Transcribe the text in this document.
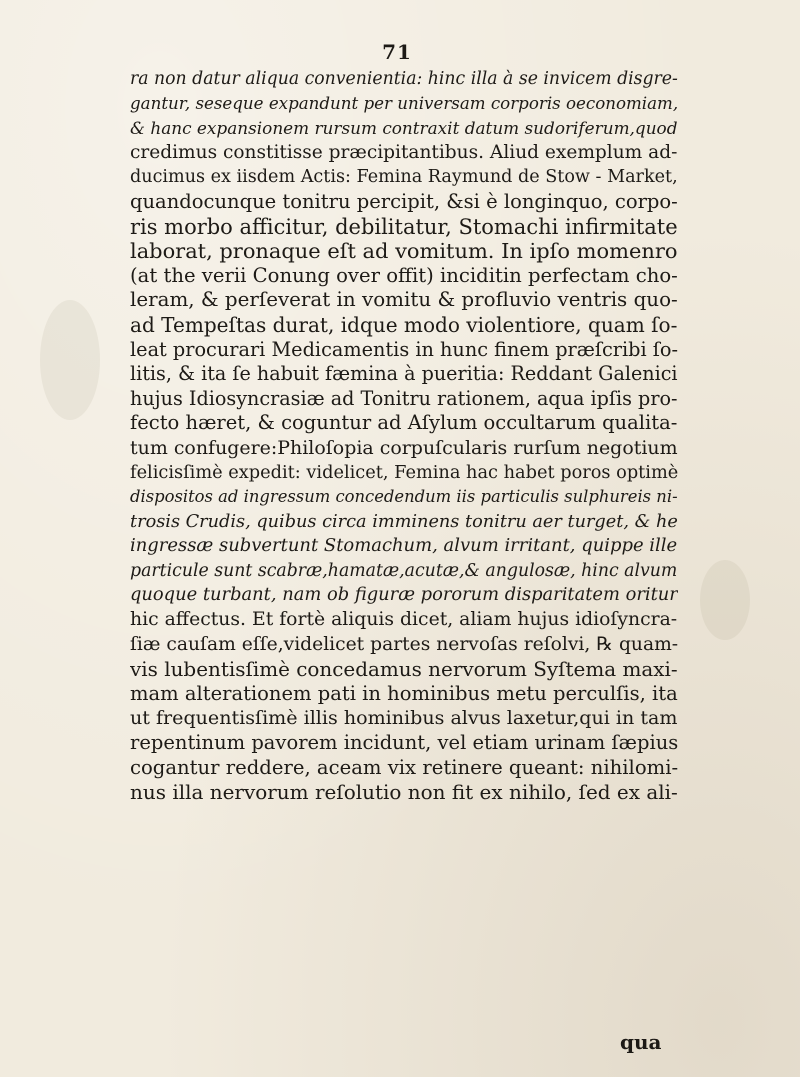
71
ra non datur aliqua convenientia: hinc illa à se invicem disgre-
gantur, seseque expandunt per universam corporis oeconomiam,
& hanc expansionem rursum contraxit datum sudoriferum,quod
credimus constitisse præcipitantibus. Aliud exemplum ad-
ducimus ex iisdem Actis: Femina Raymund de Stow - Market,
quandocunque tonitru percipit, &si è longinquo, corpo-
ris morbo afficitur, debilitatur, Stomachi infirmitate
laborat, pronaque eſt ad vomitum. In ipſo momenro
(at the verii Conung over offit) inciditin perfectam cho-
leram, & perſeverat in vomitu & profluvio ventris quo-
ad Tempeſtas durat, idque modo violentiore, quam ſo-
leat procurari Medicamentis in hunc finem præſcribi ſo-
litis, & ita ſe habuit fæmina à pueritia: Reddant Galenici
hujus Idiosyncrasiæ ad Tonitru rationem, aqua ipſis pro-
fecto hæret, & coguntur ad Aſylum occultarum qualita-
tum confugere:Philoſopia corpuſcularis rurſum negotium
felicisſimè expedit: videlicet, Femina hac habet poros optimè
dispositos ad ingressum concedendum iis particulis sulphureis ni-
trosis Crudis, quibus circa imminens tonitru aer turget, & he
ingressæ subvertunt Stomachum, alvum irritant, quippe ille
particule sunt scabræ,hamatæ,acutæ,& angulosæ, hinc alvum
quoque turbant, nam ob figuræ pororum disparitatem oritur
hic affectus. Et fortè aliquis dicet, aliam hujus idioſyncra-
ſiæ cauſam eſſe,videlicet partes nervoſas reſolvi, ℞ quam-
vis lubentisſimè concedamus nervorum Syſtema maxi-
mam alterationem pati in hominibus metu perculſis, ita
ut frequentisſimè illis hominibus alvus laxetur,qui in tam
repentinum pavorem incidunt, vel etiam urinam ſæpius
cogantur reddere, aceam vix retinere queant: nihilomi-
nus illa nervorum reſolutio non fit ex nihilo, ſed ex ali-
qua
